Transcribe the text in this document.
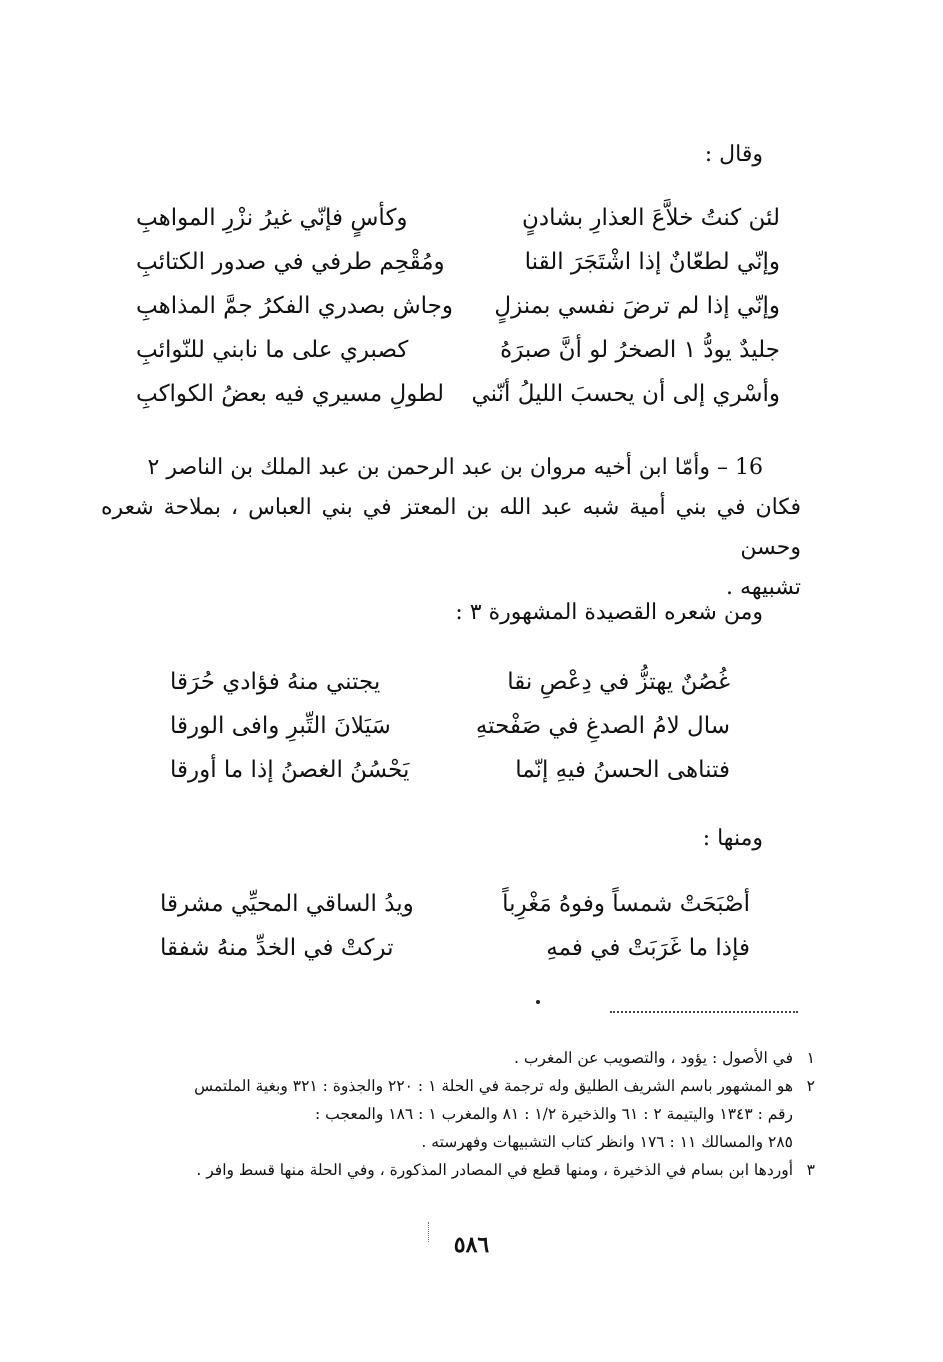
وقال :
لئن كنتُ خلاَّعَ العذارِ بشادنٍ
وكأسٍ فإنّي غيرُ نزْرِ المواهبِ
وإنّي لطعّانٌ إذا اشْتَجَرَ القنا
ومُقْحِم طرفي في صدور الكتائبِ
وإنّي إذا لم ترضَ نفسي بمنزلٍ
وجاش بصدري الفكرُ جمَّ المذاهبِ
جليدٌ يودُّ ١ الصخرُ لو أنَّ صبرَهُ
كصبري على ما نابني للنّوائبِ
وأسْري إلى أن يحسبَ الليلُ أنّني
لطولِ مسيري فيه بعضُ الكواكبِ

16 – وأمّا ابن أخيه مروان بن عبد الرحمن بن عبد الملك بن الناصر ٢

فكان في بني أمية شبه عبد الله بن المعتز في بني العباس ، بملاحة شعره وحسن

تشبيهه .

ومن شعره القصيدة المشهورة ٣ :
غُصُنٌ يهتزُّ في دِعْصِ نقا
يجتني منهُ فؤادي حُرَقا
سال لامُ الصدغِ في صَفْحتهِ
سَيَلانَ التِّبرِ وافى الورقا
فتناهى الحسنُ فيهِ إنّما
يَحْسُنُ الغصنُ إذا ما أورقا
ومنها :
أصْبَحَتْ شمساً وفوهُ مَغْرِباً
ويدُ الساقي المحيِّي مشرقا
فإذا ما غَرَبَتْ في فمهِ
تركتْ في الخدِّ منهُ شفقا
١
في الأصول : يؤود ، والتصويب عن المغرب .
٢
هو المشهور باسم الشريف الطليق وله ترجمة في الحلة ١ : ٢٢٠ والجذوة : ٣٢١ وبغية الملتمس
رقم : ١٣٤٣ واليتيمة ٢ : ٦١ والذخيرة ١/٢ : ٨١ والمغرب ١ : ١٨٦ والمعجب :
٢٨٥ والمسالك ١١ : ١٧٦ وانظر كتاب التشبيهات وفهرسته .
٣
أوردها ابن بسام في الذخيرة ، ومنها قطع في المصادر المذكورة ، وفي الحلة منها قسط وافر .
٥٨٦
